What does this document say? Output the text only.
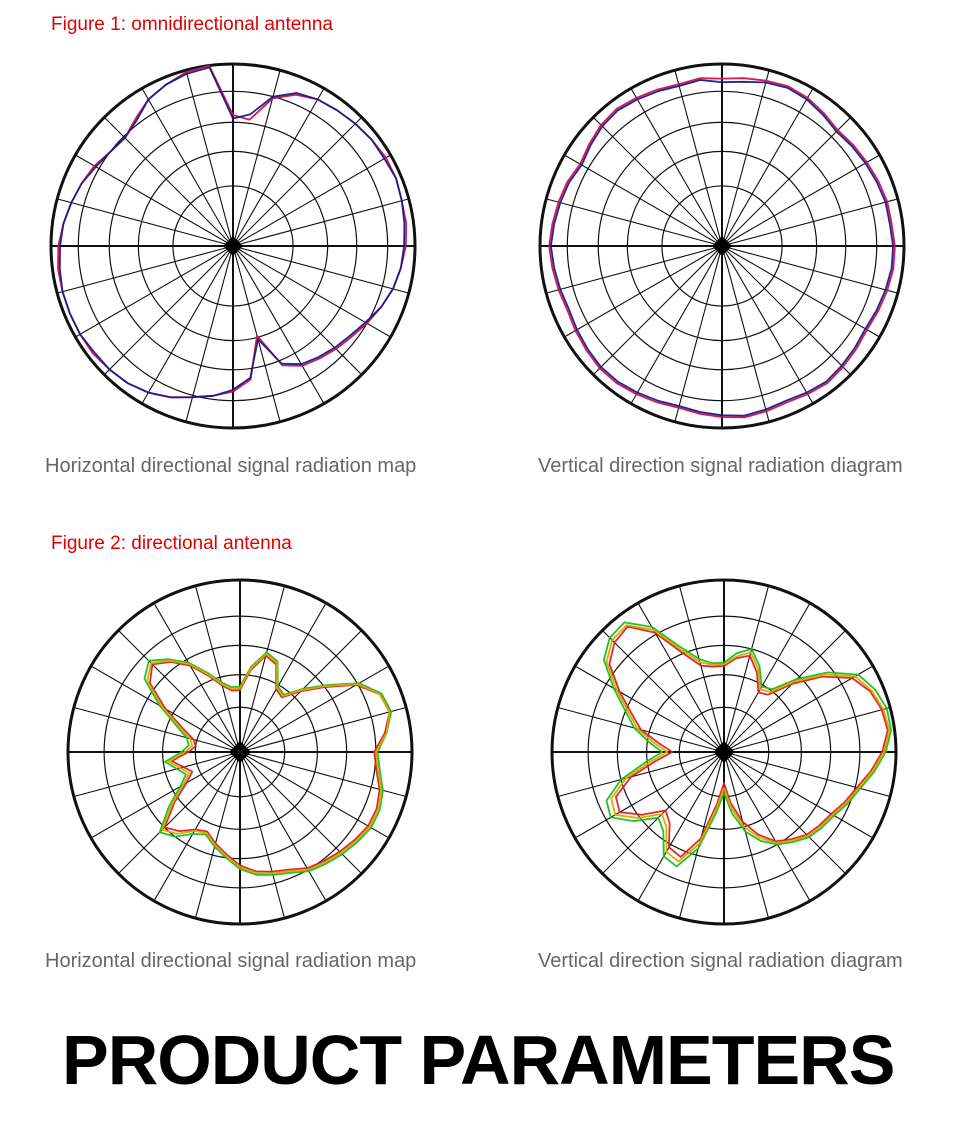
Figure 1: omnidirectional antenna
Horizontal directional signal radiation map	Vertical direction signal radiation diagram
Figure 2: directional antenna
Horizontal directional signal radiation map	Vertical direction signal radiation diagram
PRODUCT PARAMETERS
